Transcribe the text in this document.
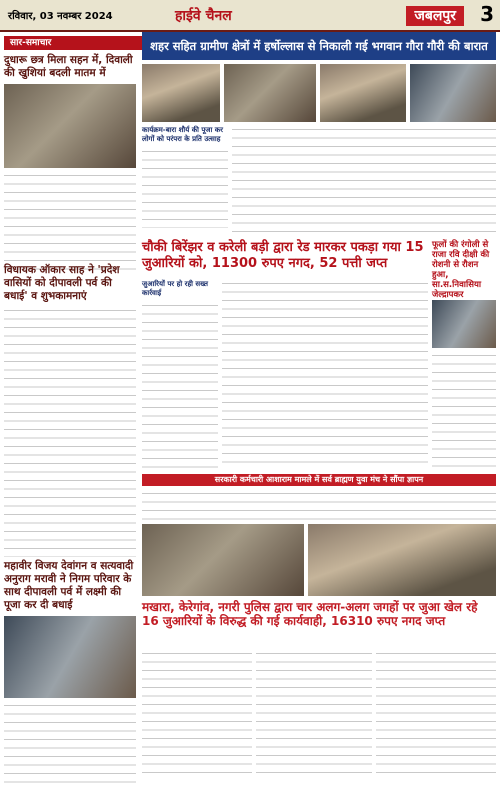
रविवार, 03 नवम्बर 2024	हाईवे चैनल	जबलपुर	3
सार-समाचार
दुधारू छत्र मिला सहन में, दिवाली की खुशियां बदली मातम में
विधायक ऑकार साह ने 'प्रदेश वासियों को दीपावली पर्व की बधाई' व शुभकामनाएं
महावीर विजय देवांगन व सत्यवादी अनुराग मरावी ने निगम परिवार के साथ दीपावली पर्व में लक्ष्मी की पूजा कर दी बधाई
शहर सहित ग्रामीण क्षेत्रों में हर्षोल्लास से निकाली गई भगवान गौरा गौरी की बारात
कार्यक्रम-बारा शौर्य की पूजा कर लोगों को परंपरा के प्रति उत्साह
चौकी बिरेंझर व करेली बड़ी द्वारा रेड मारकर पकड़ा गया 15 जुआरियों को, 11300 रुपए नगद, 52 पत्ती जप्त
जुआरियों पर हो रही सख्त कार्रवाई
फूलों की रंगोली से राजा रवि दीक्षी की रोशनी से रौशन हुआ, सा.स.निवासिया जेल्द्रापकर
सरकारी कर्मचारी आशाराम मामले में सर्व ब्राह्मण युवा मंच ने सौंपा ज्ञापन
मखारा, केरेगांव, नगरी पुलिस द्वारा चार अलग-अलग जगहों पर जुआ खेल रहे 16 जुआरियों के विरुद्ध की गई कार्यवाही, 16310 रुपए नगद जप्त
